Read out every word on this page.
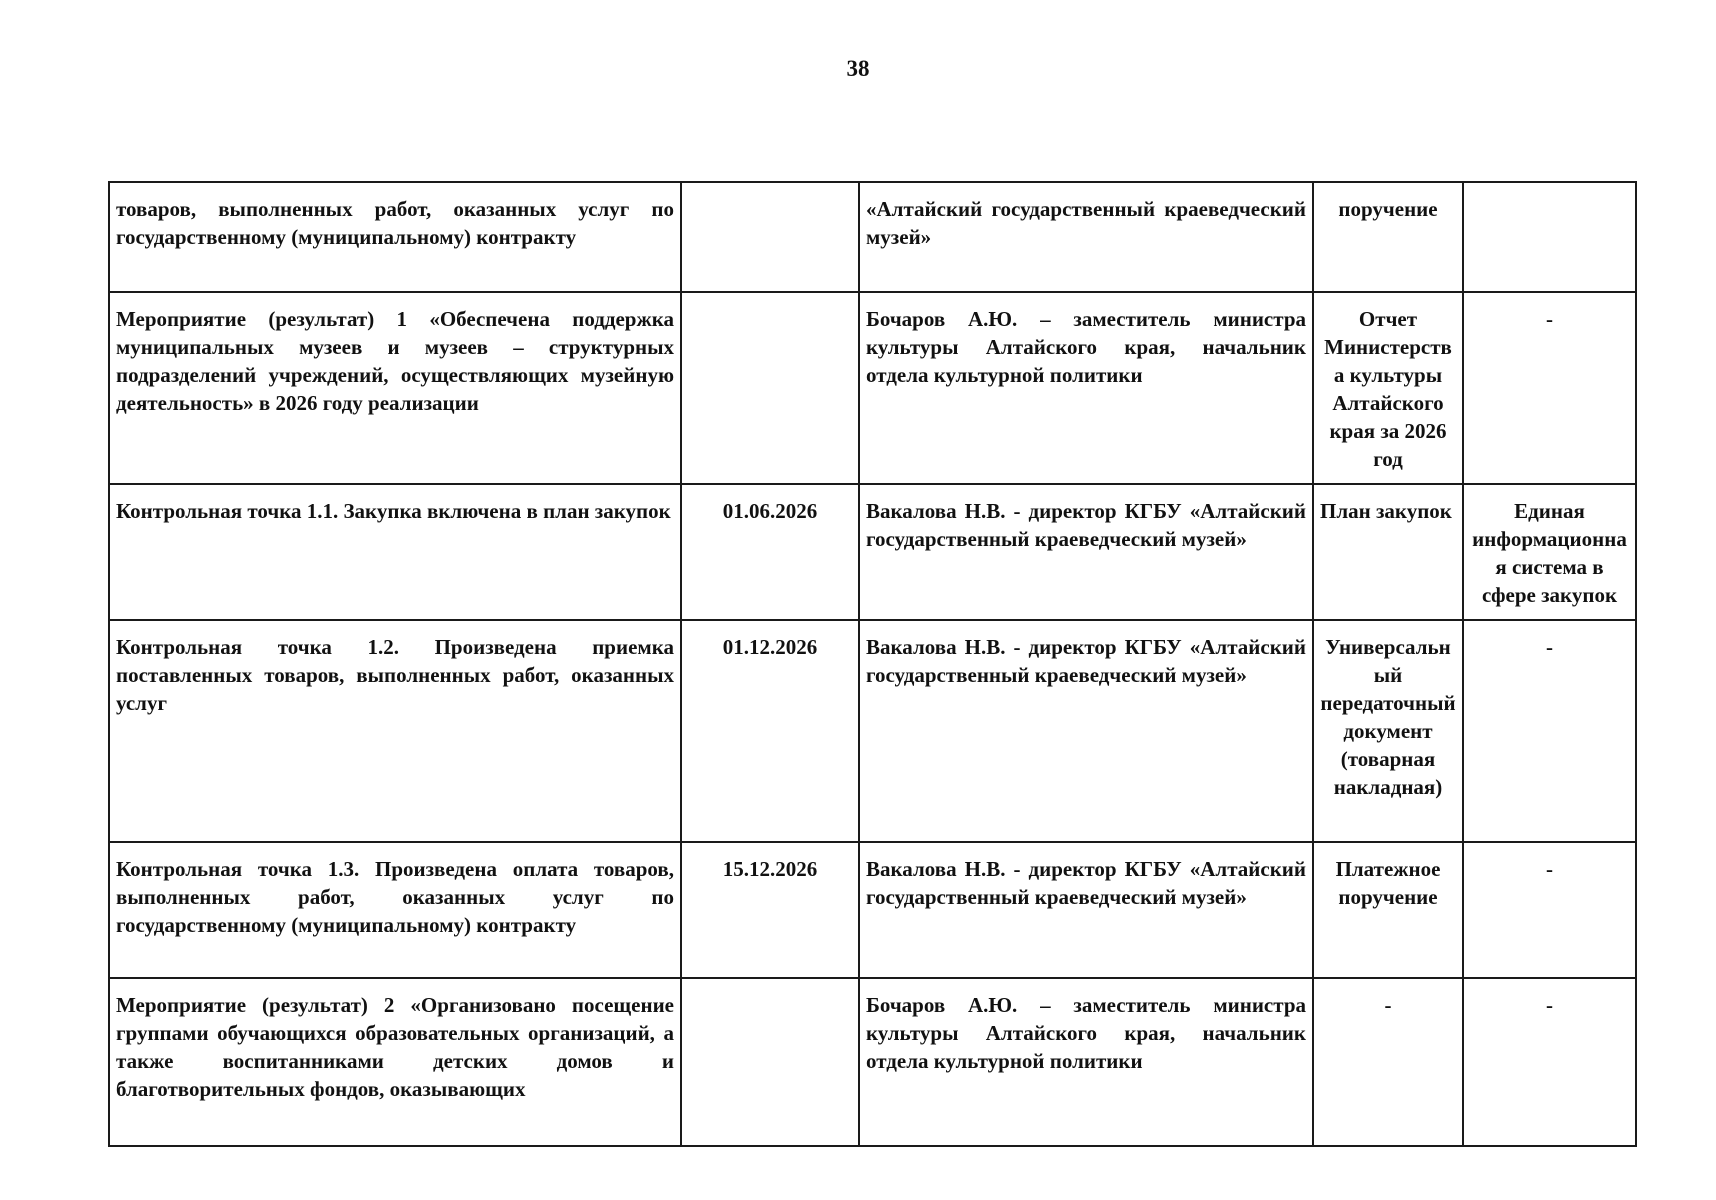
38
товаров, выполненных работ, оказанных услуг по государственному (муниципальному) контракту		«Алтайский государственный краеведческий музей»	поручение	
Мероприятие (результат) 1 «Обеспечена поддержка муниципальных музеев и музеев – структурных подразделений учреждений, осуществляющих музейную деятельность» в 2026 году реализации		Бочаров А.Ю. – заместитель министра культуры Алтайского края, начальник отдела культурной политики	Отчет Министерства культуры Алтайского края за 2026 год	-
Контрольная точка 1.1. Закупка включена в план закупок	01.06.2026	Вакалова Н.В. - директор КГБУ «Алтайский государственный краеведческий музей»	План закупок	Единая информационная система в сфере закупок
Контрольная точка 1.2. Произведена приемка поставленных товаров, выполненных работ, оказанных услуг	01.12.2026	Вакалова Н.В. - директор КГБУ «Алтайский государственный краеведческий музей»	Универсальный передаточный документ (товарная накладная)	-
Контрольная точка 1.3. Произведена оплата товаров, выполненных работ, оказанных услуг по государственному (муниципальному) контракту	15.12.2026	Вакалова Н.В. - директор КГБУ «Алтайский государственный краеведческий музей»	Платежное поручение	-
Мероприятие (результат) 2 «Организовано посещение группами обучающихся образовательных организаций, а также воспитанниками детских домов и благотворительных фондов, оказывающих		Бочаров А.Ю. – заместитель министра культуры Алтайского края, начальник отдела культурной политики	-	-
